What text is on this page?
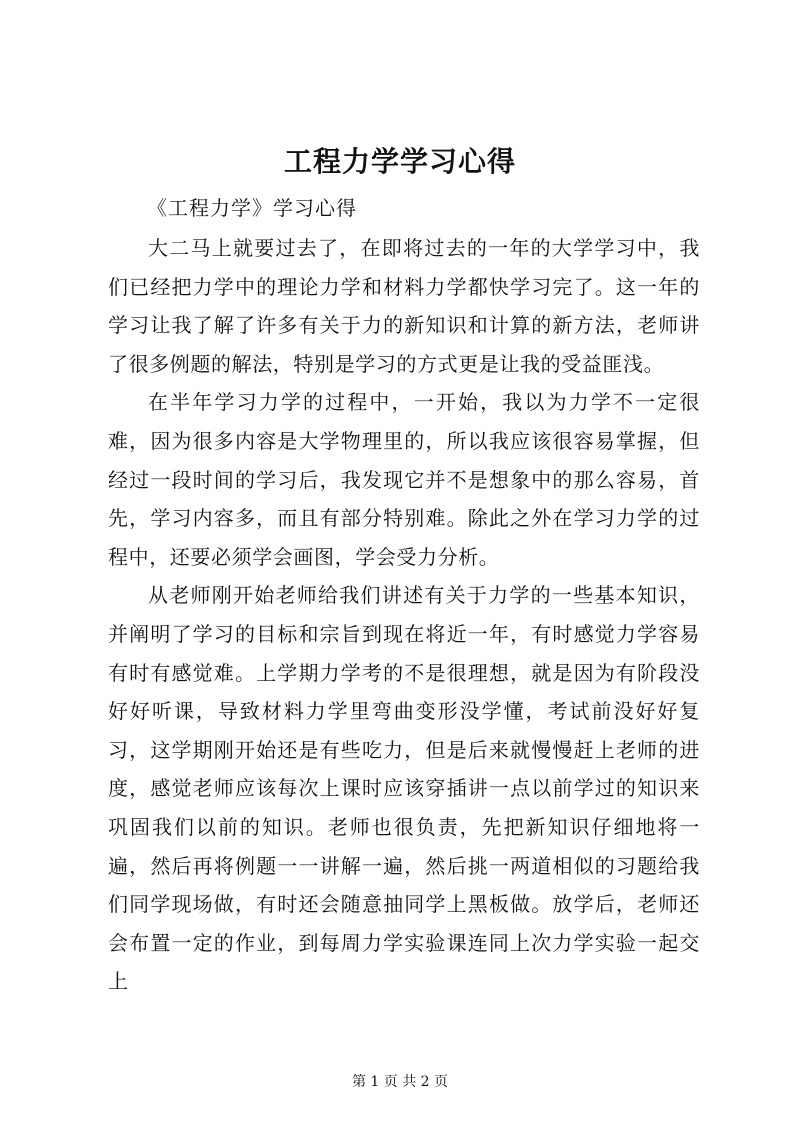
工程力学学习心得
《工程力学》学习心得

大二马上就要过去了，在即将过去的一年的大学学习中，我们已经把力学中的理论力学和材料力学都快学习完了。这一年的学习让我了解了许多有关于力的新知识和计算的新方法，老师讲了很多例题的解法，特别是学习的方式更是让我的受益匪浅。

在半年学习力学的过程中，一开始，我以为力学不一定很难，因为很多内容是大学物理里的，所以我应该很容易掌握，但经过一段时间的学习后，我发现它并不是想象中的那么容易，首先，学习内容多，而且有部分特别难。除此之外在学习力学的过程中，还要必须学会画图，学会受力分析。

从老师刚开始老师给我们讲述有关于力学的一些基本知识，并阐明了学习的目标和宗旨到现在将近一年，有时感觉力学容易有时有感觉难。上学期力学考的不是很理想，就是因为有阶段没好好听课，导致材料力学里弯曲变形没学懂，考试前没好好复习，这学期刚开始还是有些吃力，但是后来就慢慢赶上老师的进度，感觉老师应该每次上课时应该穿插讲一点以前学过的知识来巩固我们以前的知识。老师也很负责，先把新知识仔细地将一遍，然后再将例题一一讲解一遍，然后挑一两道相似的习题给我们同学现场做，有时还会随意抽同学上黑板做。放学后，老师还会布置一定的作业，到每周力学实验课连同上次力学实验一起交上

第 1 页 共 2 页
